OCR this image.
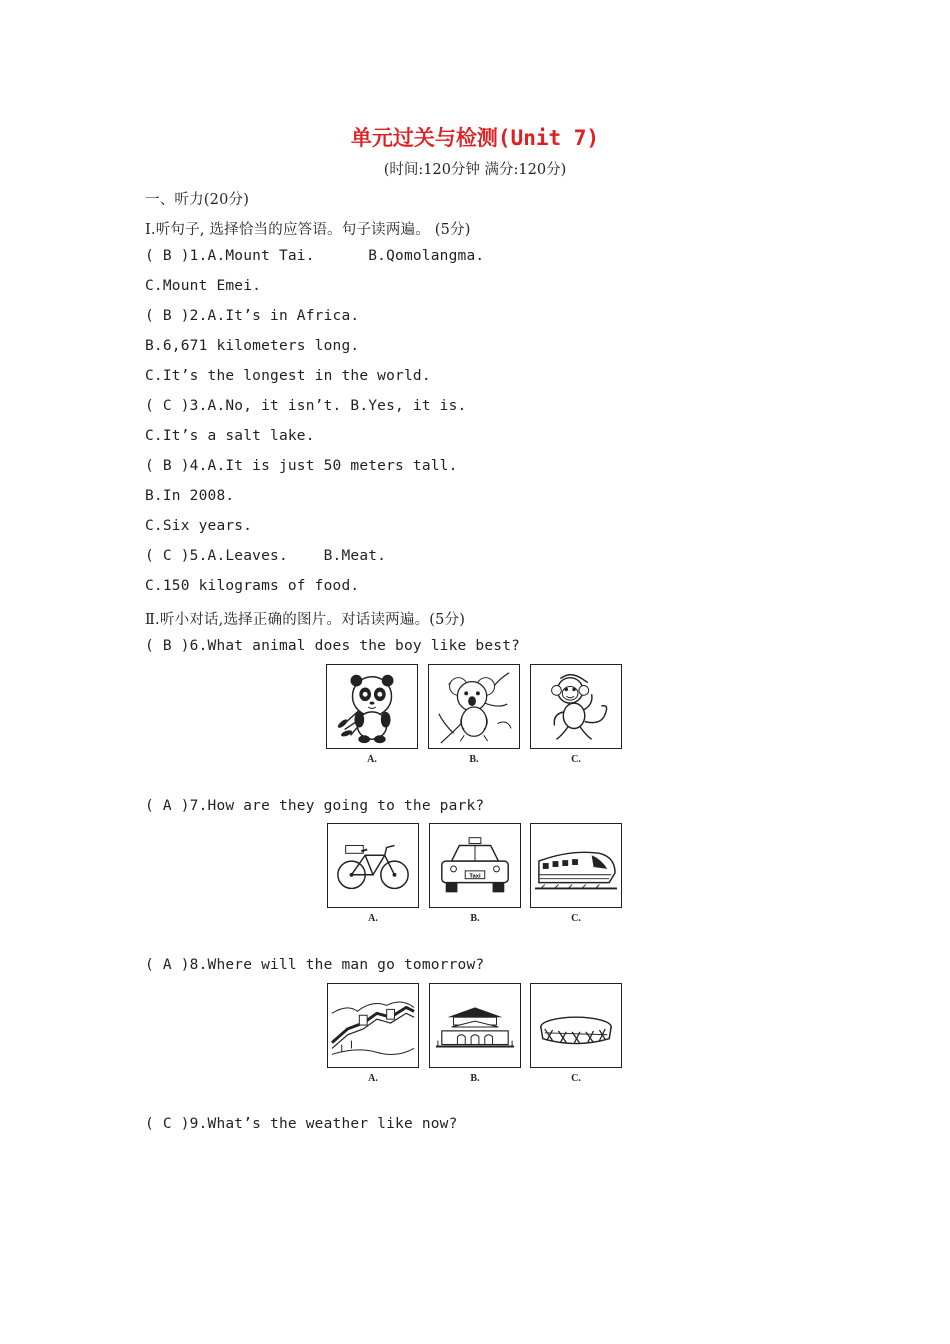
单元过关与检测(Unit 7)
(时间:120分钟 满分:120分)
一、听力(20分)
Ⅰ.听句子, 选择恰当的应答语。句子读两遍。 (5分)
( B )1.A.Mount Tai.      B.Qomolangma.
C.Mount Emei.
( B )2.A.It’s in Africa.
B.6,671 kilometers long.
C.It’s the longest in the world.
( C )3.A.No, it isn’t. B.Yes, it is.
C.It’s a salt lake.
( B )4.A.It is just 50 meters tall.
B.In 2008.
C.Six years.
( C )5.A.Leaves.    B.Meat.
C.150 kilograms of food.
Ⅱ.听小对话,选择正确的图片。对话读两遍。(5分)
( B )6.What animal does the boy like best?
A.	B.	C.
( A )7.How are they going to the park?
Taxi
A.	B.	C.
( A )8.Where will the man go tomorrow?
A.	B.	C.
( C )9.What’s the weather like now?
